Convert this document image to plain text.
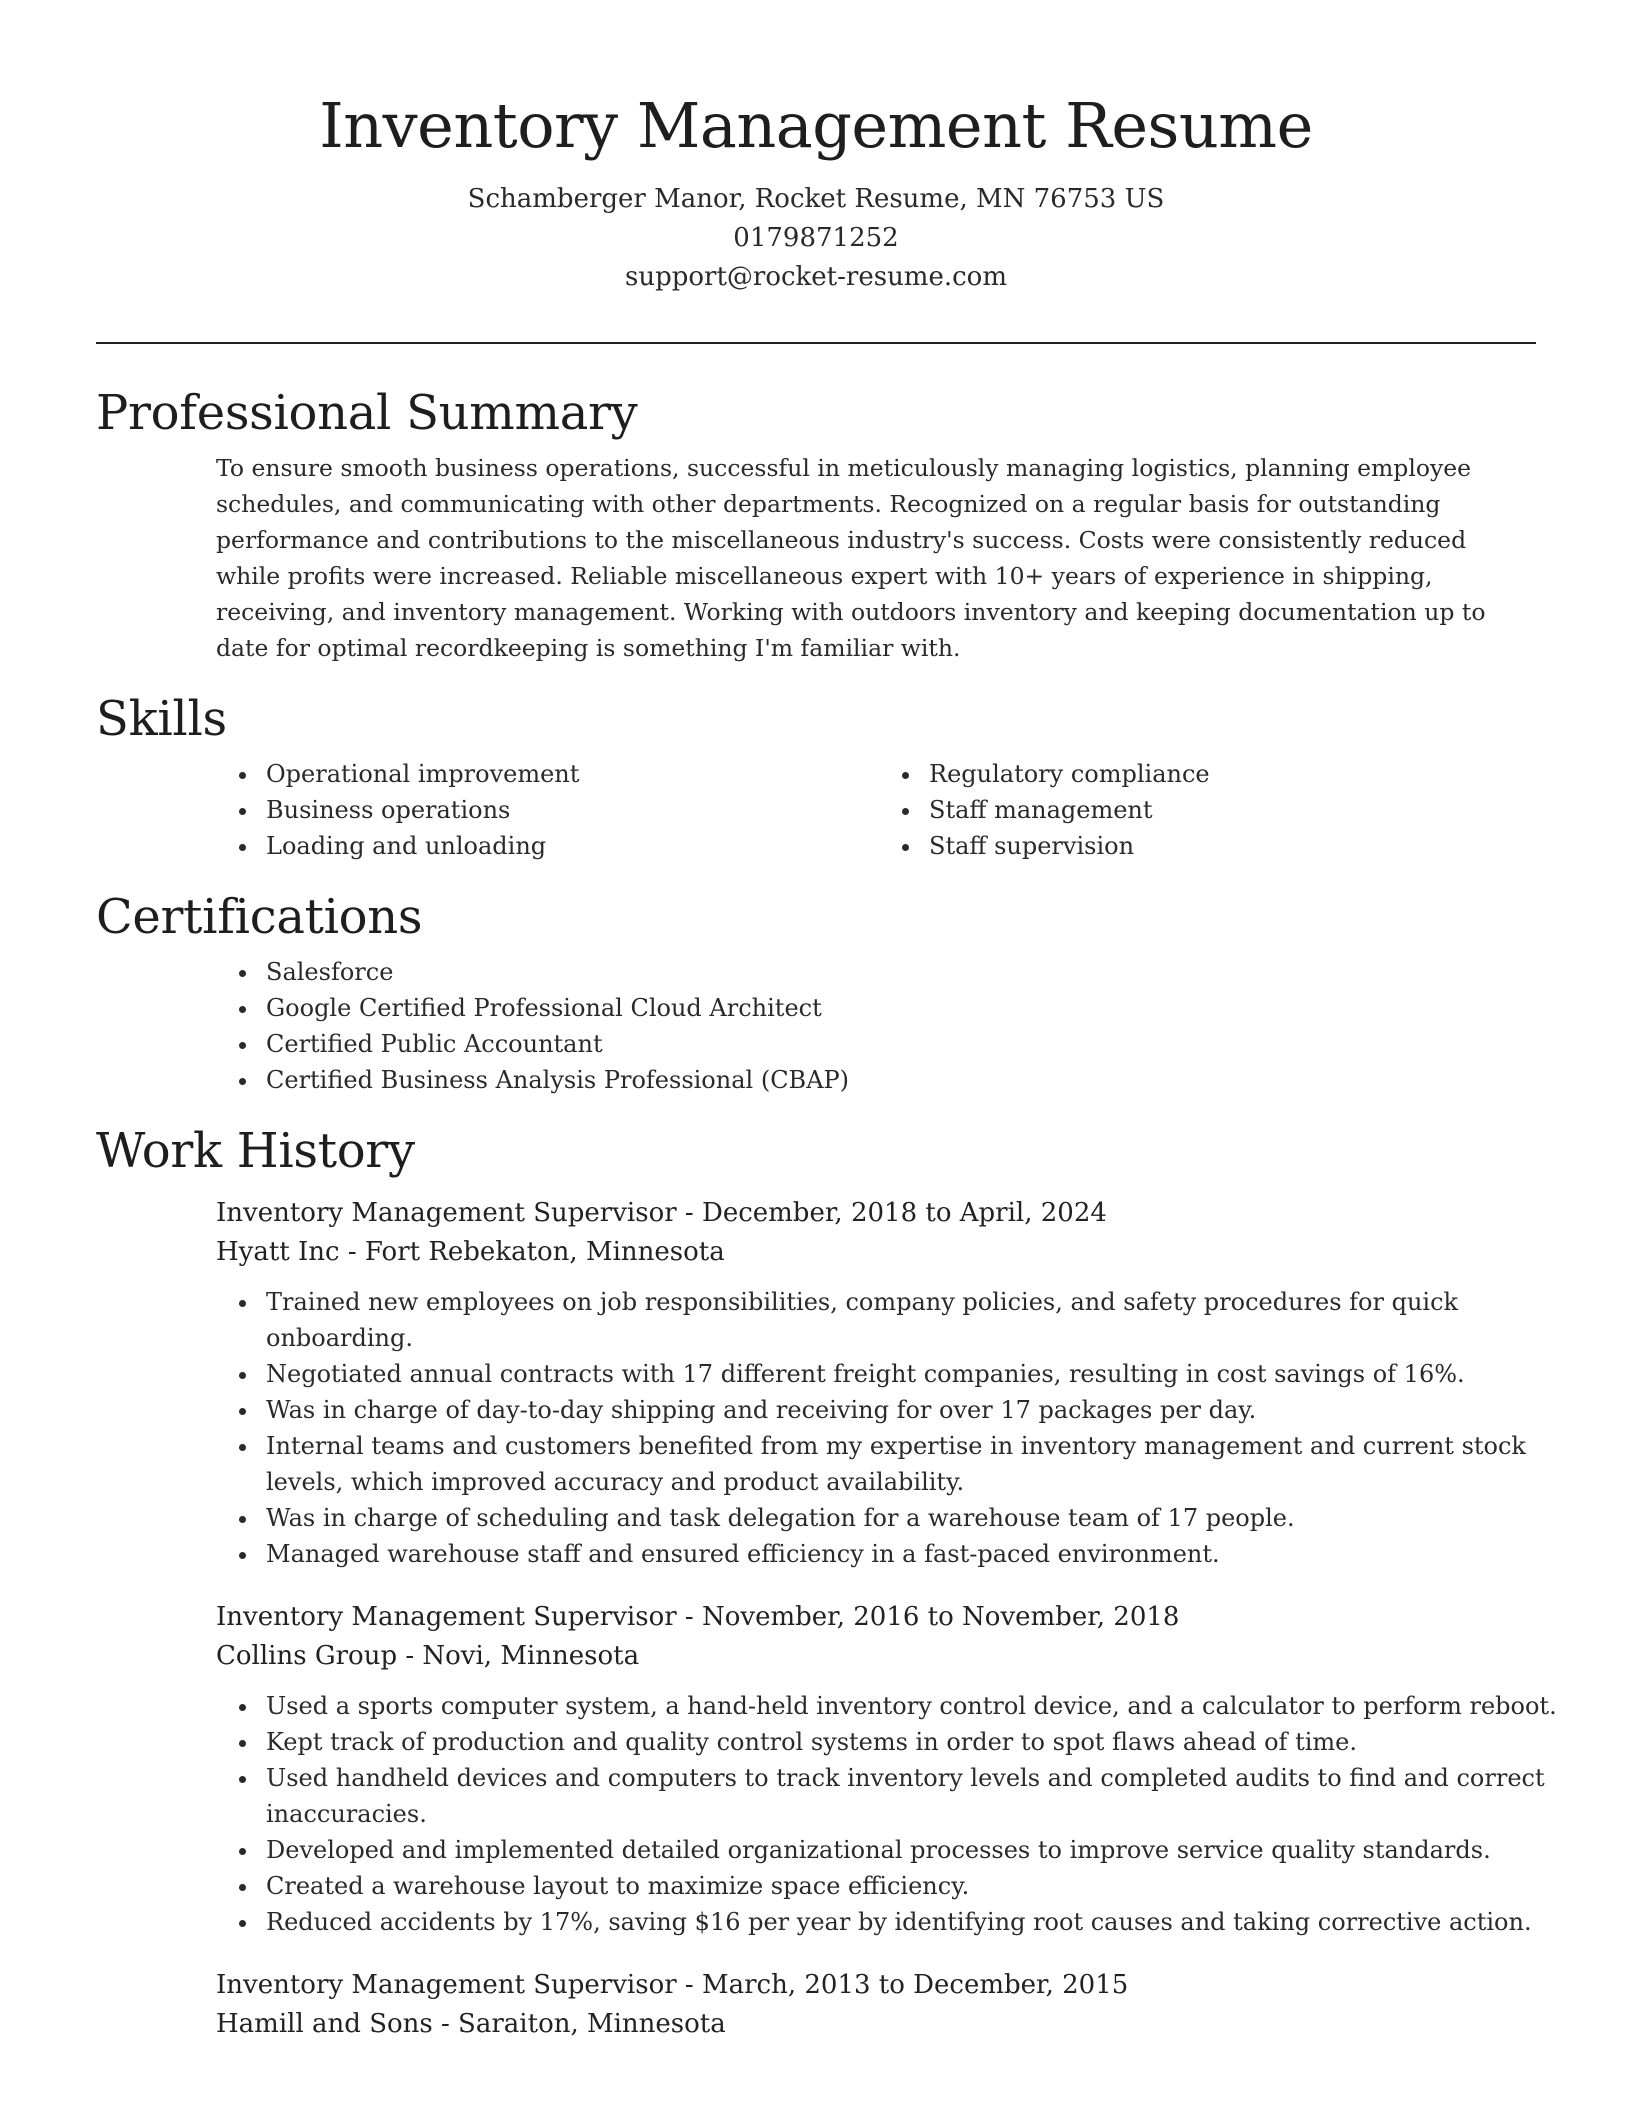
Inventory Management Resume
Schamberger Manor, Rocket Resume, MN 76753 US
0179871252
support@rocket-resume.com
Professional Summary
To ensure smooth business operations, successful in meticulously managing logistics, planning employee schedules, and communicating with other departments. Recognized on a regular basis for outstanding performance and contributions to the miscellaneous industry's success. Costs were consistently reduced while profits were increased. Reliable miscellaneous expert with 10+ years of experience in shipping, receiving, and inventory management. Working with outdoors inventory and keeping documentation up to date for optimal recordkeeping is something I'm familiar with.
Skills
• Operational improvement
• Business operations
• Loading and unloading
• Regulatory compliance
• Staff management
• Staff supervision
Certifications
• Salesforce
• Google Certified Professional Cloud Architect
• Certified Public Accountant
• Certified Business Analysis Professional (CBAP)
Work History
Inventory Management Supervisor - December, 2018 to April, 2024
Hyatt Inc - Fort Rebekaton, Minnesota
• Trained new employees on job responsibilities, company policies, and safety procedures for quick onboarding.
• Negotiated annual contracts with 17 different freight companies, resulting in cost savings of 16%.
• Was in charge of day-to-day shipping and receiving for over 17 packages per day.
• Internal teams and customers benefited from my expertise in inventory management and current stock levels, which improved accuracy and product availability.
• Was in charge of scheduling and task delegation for a warehouse team of 17 people.
• Managed warehouse staff and ensured efficiency in a fast-paced environment.
Inventory Management Supervisor - November, 2016 to November, 2018
Collins Group - Novi, Minnesota
• Used a sports computer system, a hand-held inventory control device, and a calculator to perform reboot.
• Kept track of production and quality control systems in order to spot flaws ahead of time.
• Used handheld devices and computers to track inventory levels and completed audits to find and correct inaccuracies.
• Developed and implemented detailed organizational processes to improve service quality standards.
• Created a warehouse layout to maximize space efficiency.
• Reduced accidents by 17%, saving $16 per year by identifying root causes and taking corrective action.
Inventory Management Supervisor - March, 2013 to December, 2015
Hamill and Sons - Saraiton, Minnesota
